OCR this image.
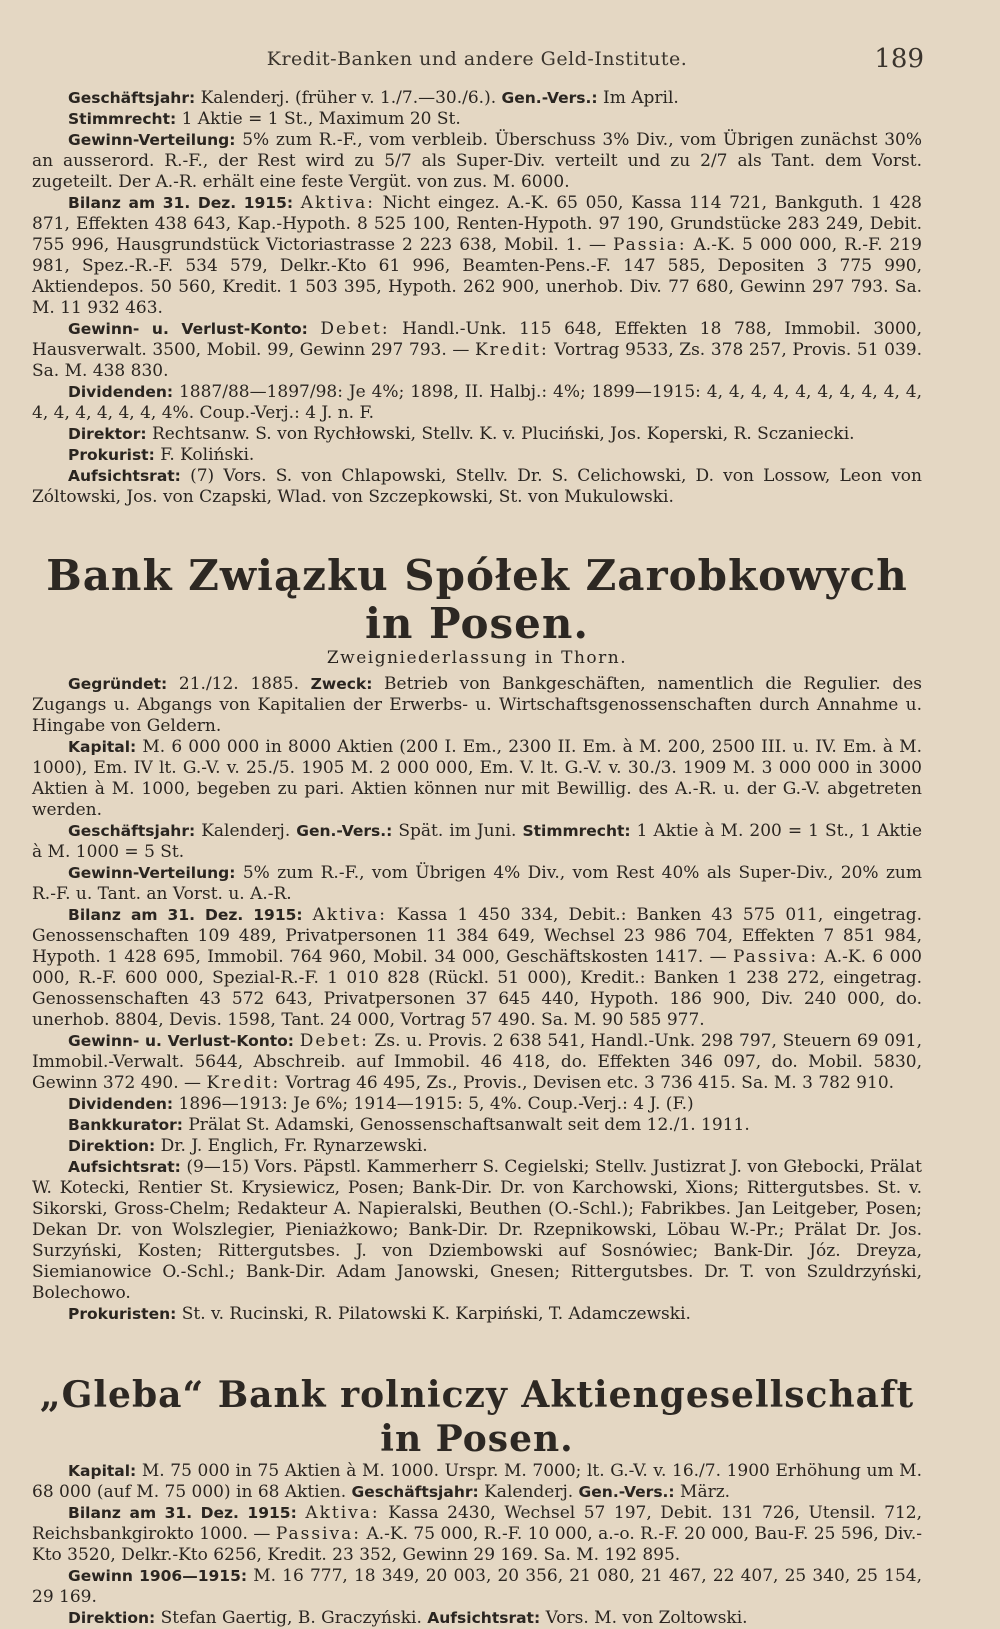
Kredit-Banken und andere Geld-Institute.	189

Geschäftsjahr: Kalenderj. (früher v. 1./7.—30./6.). Gen.-Vers.: Im April.

Stimmrecht: 1 Aktie = 1 St., Maximum 20 St.

Gewinn-Verteilung: 5% zum R.-F., vom verbleib. Überschuss 3% Div., vom Übrigen zunächst 30% an ausserord. R.-F., der Rest wird zu 5/7 als Super-Div. verteilt und zu 2/7 als Tant. dem Vorst. zugeteilt. Der A.-R. erhält eine feste Vergüt. von zus. M. 6000.

Bilanz am 31. Dez. 1915: Aktiva: Nicht eingez. A.-K. 65 050, Kassa 114 721, Bankguth. 1 428 871, Effekten 438 643, Kap.-Hypoth. 8 525 100, Renten-Hypoth. 97 190, Grundstücke 283 249, Debit. 755 996, Hausgrundstück Victoriastrasse 2 223 638, Mobil. 1. — Passia: A.-K. 5 000 000, R.-F. 219 981, Spez.-R.-F. 534 579, Delkr.-Kto 61 996, Beamten-Pens.-F. 147 585, Depositen 3 775 990, Aktiendepos. 50 560, Kredit. 1 503 395, Hypoth. 262 900, unerhob. Div. 77 680, Gewinn 297 793. Sa. M. 11 932 463.

Gewinn- u. Verlust-Konto: Debet: Handl.-Unk. 115 648, Effekten 18 788, Immobil. 3000, Hausverwalt. 3500, Mobil. 99, Gewinn 297 793. — Kredit: Vortrag 9533, Zs. 378 257, Provis. 51 039. Sa. M. 438 830.

Dividenden: 1887/88—1897/98: Je 4%; 1898, II. Halbj.: 4%; 1899—1915: 4, 4, 4, 4, 4, 4, 4, 4, 4, 4, 4, 4, 4, 4, 4, 4, 4%. Coup.-Verj.: 4 J. n. F.

Direktor: Rechtsanw. S. von Rychłowski, Stellv. K. v. Pluciński, Jos. Koperski, R. Sczaniecki.

Prokurist: F. Koliński.

Aufsichtsrat: (7) Vors. S. von Chlapowski, Stellv. Dr. S. Celichowski, D. von Lossow, Leon von Zóltowski, Jos. von Czapski, Wlad. von Szczepkowski, St. von Mukulowski.

Bank Związku Spółek Zarobkowych in Posen.
Zweigniederlassung in Thorn.

Gegründet: 21./12. 1885. Zweck: Betrieb von Bankgeschäften, namentlich die Regulier. des Zugangs u. Abgangs von Kapitalien der Erwerbs- u. Wirtschaftsgenossenschaften durch Annahme u. Hingabe von Geldern.

Kapital: M. 6 000 000 in 8000 Aktien (200 I. Em., 2300 II. Em. à M. 200, 2500 III. u. IV. Em. à M. 1000), Em. IV lt. G.-V. v. 25./5. 1905 M. 2 000 000, Em. V. lt. G.-V. v. 30./3. 1909 M. 3 000 000 in 3000 Aktien à M. 1000, begeben zu pari. Aktien können nur mit Bewillig. des A.-R. u. der G.-V. abgetreten werden.

Geschäftsjahr: Kalenderj. Gen.-Vers.: Spät. im Juni. Stimmrecht: 1 Aktie à M. 200 = 1 St., 1 Aktie à M. 1000 = 5 St.

Gewinn-Verteilung: 5% zum R.-F., vom Übrigen 4% Div., vom Rest 40% als Super-Div., 20% zum R.-F. u. Tant. an Vorst. u. A.-R.

Bilanz am 31. Dez. 1915: Aktiva: Kassa 1 450 334, Debit.: Banken 43 575 011, eingetrag. Genossenschaften 109 489, Privatpersonen 11 384 649, Wechsel 23 986 704, Effekten 7 851 984, Hypoth. 1 428 695, Immobil. 764 960, Mobil. 34 000, Geschäftskosten 1417. — Passiva: A.-K. 6 000 000, R.-F. 600 000, Spezial-R.-F. 1 010 828 (Rückl. 51 000), Kredit.: Banken 1 238 272, eingetrag. Genossenschaften 43 572 643, Privatpersonen 37 645 440, Hypoth. 186 900, Div. 240 000, do. unerhob. 8804, Devis. 1598, Tant. 24 000, Vortrag 57 490. Sa. M. 90 585 977.

Gewinn- u. Verlust-Konto: Debet: Zs. u. Provis. 2 638 541, Handl.-Unk. 298 797, Steuern 69 091, Immobil.-Verwalt. 5644, Abschreib. auf Immobil. 46 418, do. Effekten 346 097, do. Mobil. 5830, Gewinn 372 490. — Kredit: Vortrag 46 495, Zs., Provis., Devisen etc. 3 736 415. Sa. M. 3 782 910.

Dividenden: 1896—1913: Je 6%; 1914—1915: 5, 4%. Coup.-Verj.: 4 J. (F.)

Bankkurator: Prälat St. Adamski, Genossenschaftsanwalt seit dem 12./1. 1911.

Direktion: Dr. J. Englich, Fr. Rynarzewski.

Aufsichtsrat: (9—15) Vors. Päpstl. Kammerherr S. Cegielski; Stellv. Justizrat J. von Głebocki, Prälat W. Kotecki, Rentier St. Krysiewicz, Posen; Bank-Dir. Dr. von Karchowski, Xions; Rittergutsbes. St. v. Sikorski, Gross-Chelm; Redakteur A. Napieralski, Beuthen (O.-Schl.); Fabrikbes. Jan Leitgeber, Posen; Dekan Dr. von Wolszlegier, Pieniażkowo; Bank-Dir. Dr. Rzepnikowski, Löbau W.-Pr.; Prälat Dr. Jos. Surzyński, Kosten; Rittergutsbes. J. von Dziembowski auf Sosnówiec; Bank-Dir. Józ. Dreyza, Siemianowice O.-Schl.; Bank-Dir. Adam Janowski, Gnesen; Rittergutsbes. Dr. T. von Szuldrzyński, Bolechowo.

Prokuristen: St. v. Rucinski, R. Pilatowski K. Karpiński, T. Adamczewski.

„Gleba“ Bank rolniczy Aktiengesellschaft in Posen.

Kapital: M. 75 000 in 75 Aktien à M. 1000. Urspr. M. 7000; lt. G.-V. v. 16./7. 1900 Erhöhung um M. 68 000 (auf M. 75 000) in 68 Aktien. Geschäftsjahr: Kalenderj. Gen.-Vers.: März.

Bilanz am 31. Dez. 1915: Aktiva: Kassa 2430, Wechsel 57 197, Debit. 131 726, Utensil. 712, Reichsbankgirokto 1000. — Passiva: A.-K. 75 000, R.-F. 10 000, a.-o. R.-F. 20 000, Bau-F. 25 596, Div.-Kto 3520, Delkr.-Kto 6256, Kredit. 23 352, Gewinn 29 169. Sa. M. 192 895.

Gewinn 1906—1915: M. 16 777, 18 349, 20 003, 20 356, 21 080, 21 467, 22 407, 25 340, 25 154, 29 169.

Direktion: Stefan Gaertig, B. Graczyński. Aufsichtsrat: Vors. M. von Zoltowski.
